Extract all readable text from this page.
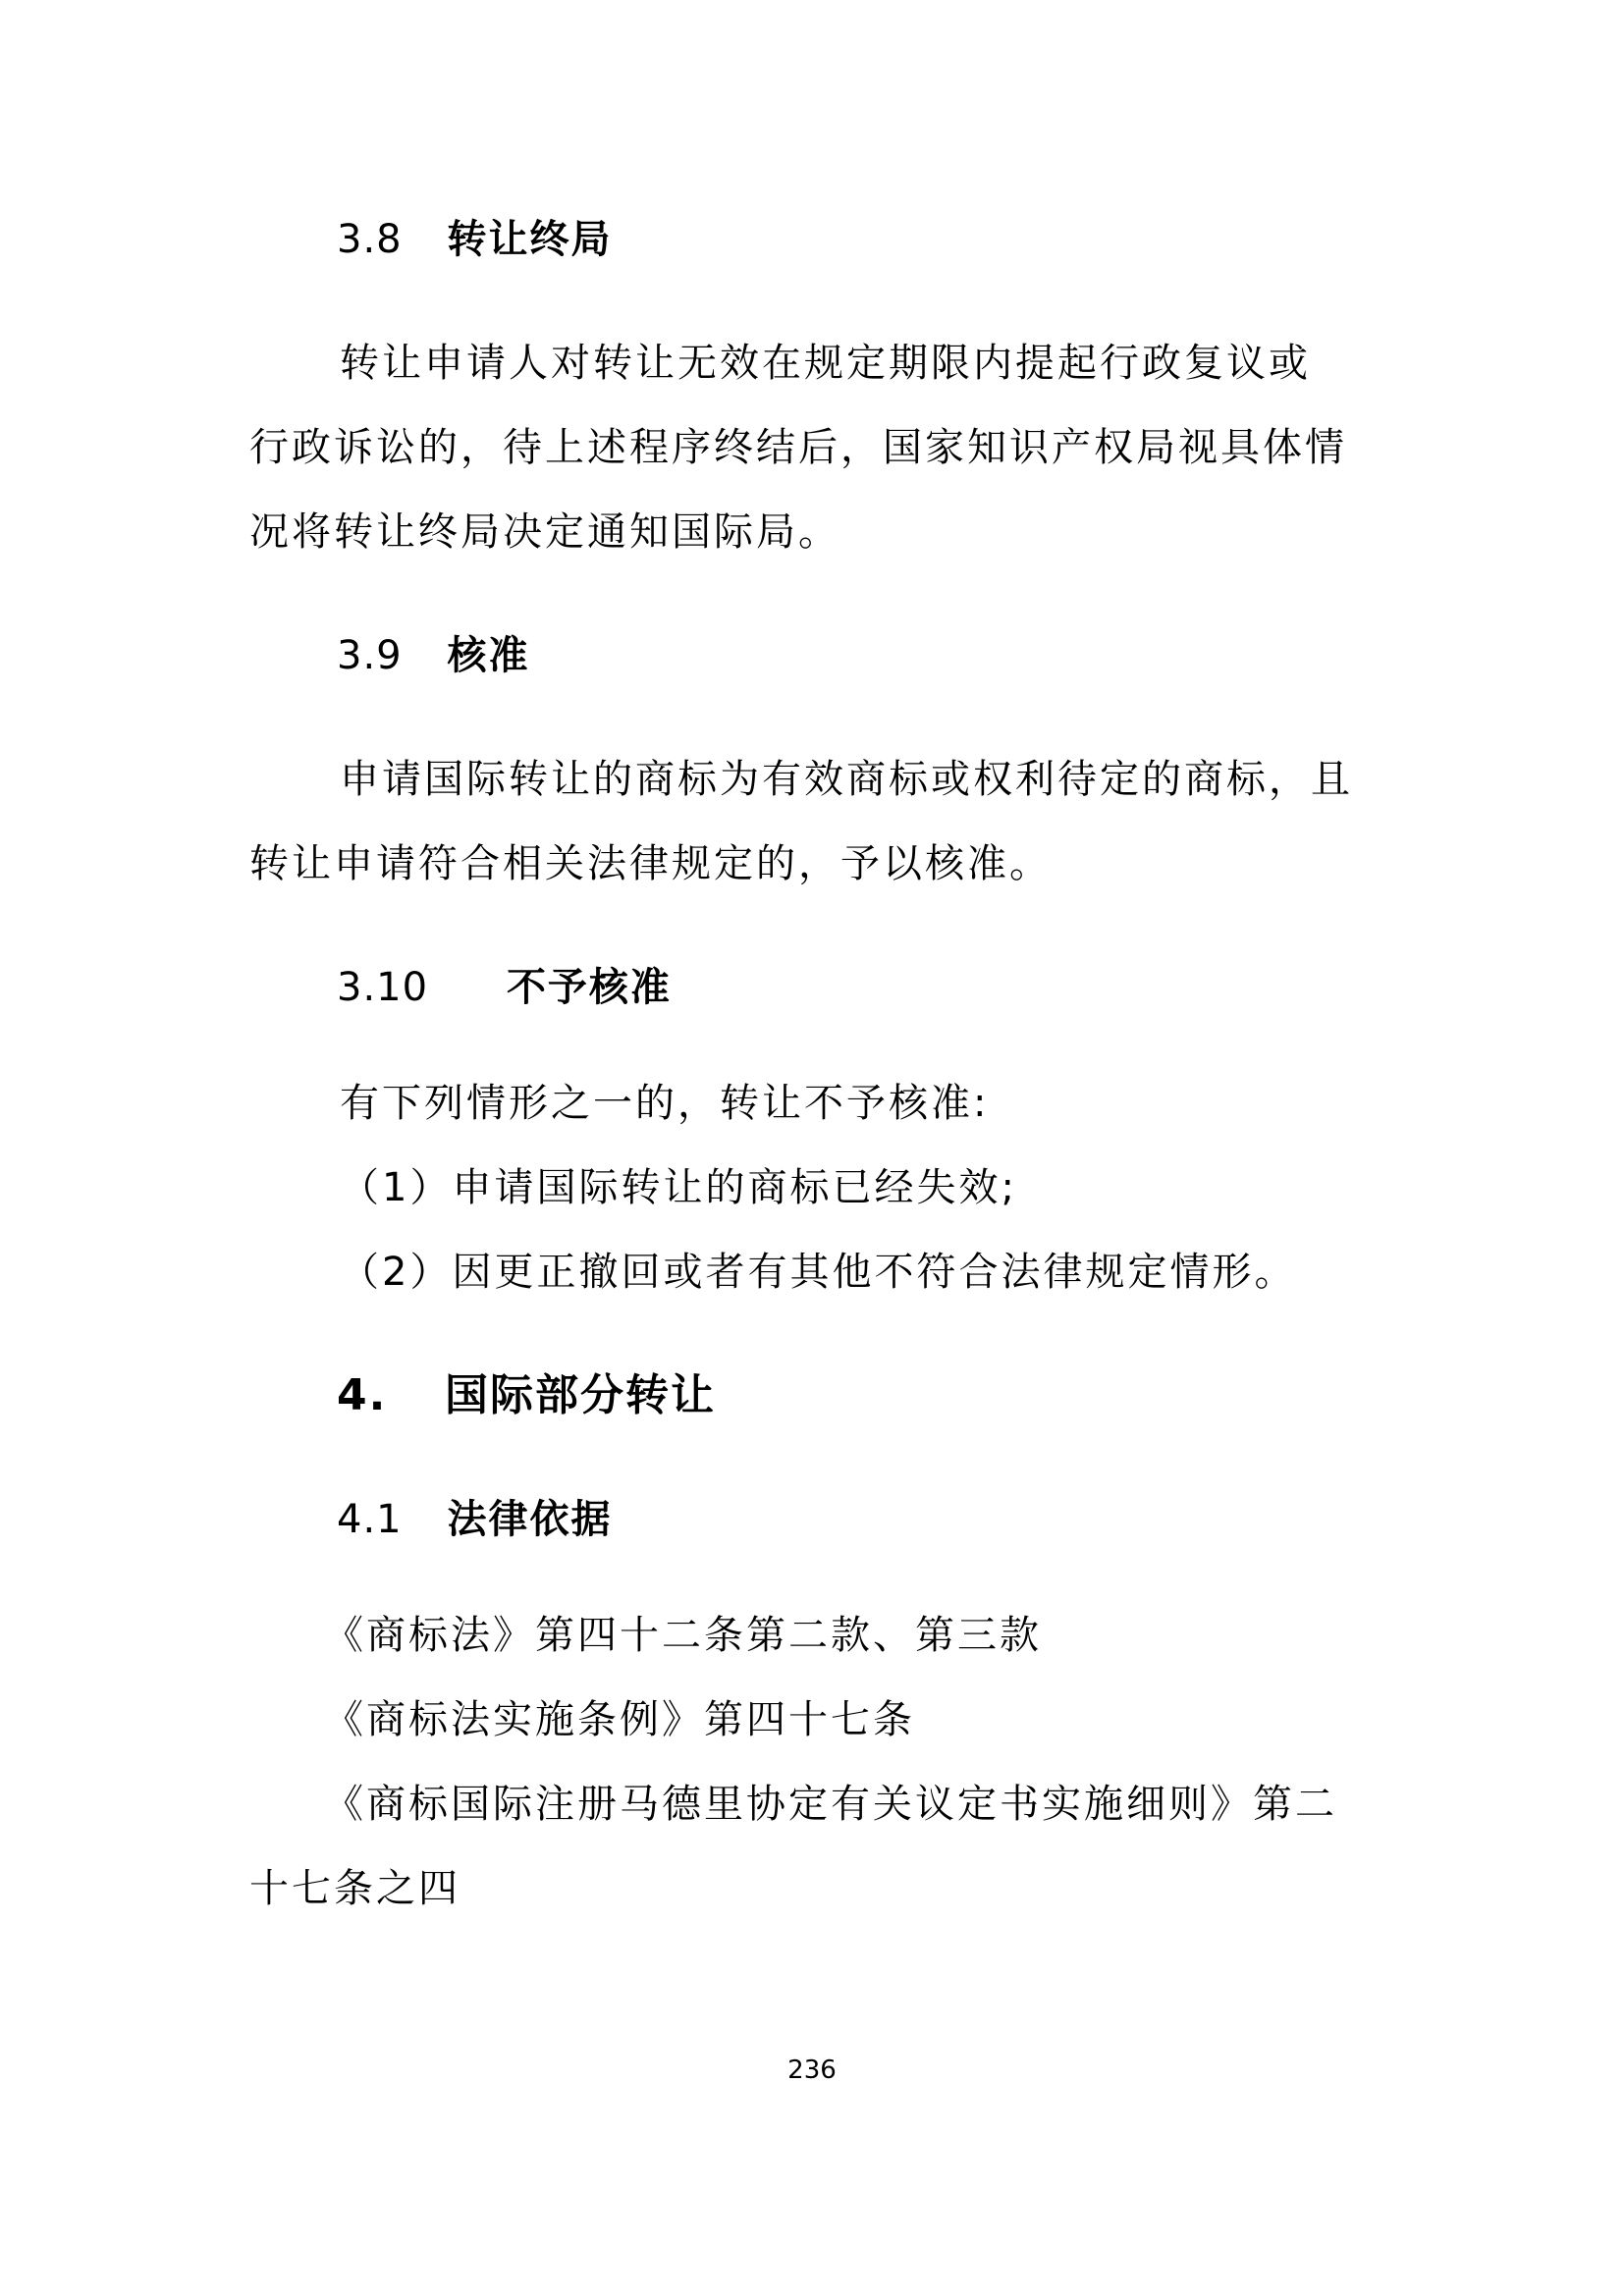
3.8 转让终局
转让申请人对转让无效在规定期限内提起行政复议或
行政诉讼的，待上述程序终结后，国家知识产权局视具体情
况将转让终局决定通知国际局。
3.9 核准
申请国际转让的商标为有效商标或权利待定的商标，且
转让申请符合相关法律规定的，予以核准。
3.10 不予核准
有下列情形之一的，转让不予核准:
（1）申请国际转让的商标已经失效;
（2）因更正撤回或者有其他不符合法律规定情形。
4. 国际部分转让
4.1 法律依据
《商标法》第四十二条第二款、第三款
《商标法实施条例》第四十七条
《商标国际注册马德里协定有关议定书实施细则》第二
十七条之四
236
